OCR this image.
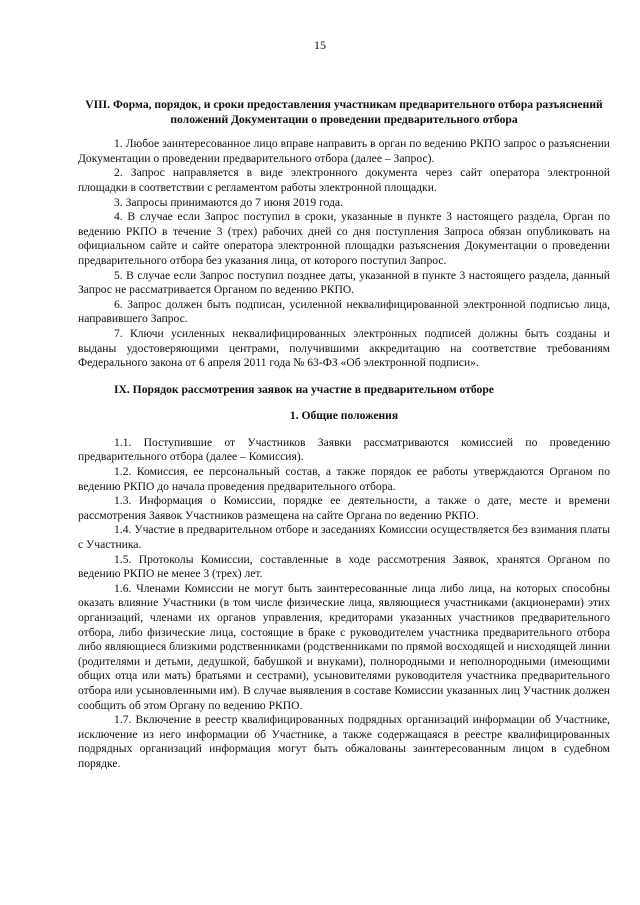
15
VIII. Форма, порядок, и сроки предоставления участникам предварительного отбора разъяснений положений Документации о проведении предварительного отбора

1. Любое заинтересованное лицо вправе направить в орган по ведению РКПО запрос о разъяснении Документации о проведении предварительного отбора (далее – Запрос).

2. Запрос направляется в виде электронного документа через сайт оператора электронной площадки в соответствии с регламентом работы электронной площадки.

3. Запросы принимаются до 7 июня 2019 года.

4. В случае если Запрос поступил в сроки, указанные в пункте 3 настоящего раздела, Орган по ведению РКПО в течение 3 (трех) рабочих дней со дня поступления Запроса обязан опубликовать на официальном сайте и сайте оператора электронной площадки разъяснения Документации о проведении предварительного отбора без указания лица, от которого поступил Запрос.

5. В случае если Запрос поступил позднее даты, указанной в пункте 3 настоящего раздела, данный Запрос не рассматривается Органом по ведению РКПО.

6. Запрос должен быть подписан, усиленной неквалифицированной электронной подписью лица, направившего Запрос.

7. Ключи усиленных неквалифицированных электронных подписей должны быть созданы и выданы удостоверяющими центрами, получившими аккредитацию на соответствие требованиям Федерального закона от 6 апреля 2011 года № 63-ФЗ «Об электронной подписи».

IX. Порядок рассмотрения заявок на участие в предварительном отборе
1. Общие положения

1.1. Поступившие от Участников Заявки рассматриваются комиссией по проведению предварительного отбора (далее – Комиссия).

1.2. Комиссия, ее персональный состав, а также порядок ее работы утверждаются Органом по ведению РКПО до начала проведения предварительного отбора.

1.3. Информация о Комиссии, порядке ее деятельности, а также о дате, месте и времени рассмотрения Заявок Участников размещена на сайте Органа по ведению РКПО.

1.4. Участие в предварительном отборе и заседаниях Комиссии осуществляется без взимания платы с Участника.

1.5. Протоколы Комиссии, составленные в ходе рассмотрения Заявок, хранятся Органом по ведению РКПО не менее 3 (трех) лет.

1.6. Членами Комиссии не могут быть заинтересованные лица либо лица, на которых способны оказать влияние Участники (в том числе физические лица, являющиеся участниками (акционерами) этих организаций, членами их органов управления, кредиторами указанных участников предварительного отбора, либо физические лица, состоящие в браке с руководителем участника предварительного отбора либо являющиеся близкими родственниками (родственниками по прямой восходящей и нисходящей линии (родителями и детьми, дедушкой, бабушкой и внуками), полнородными и неполнородными (имеющими общих отца или мать) братьями и сестрами), усыновителями руководителя участника предварительного отбора или усыновленными им). В случае выявления в составе Комиссии указанных лиц Участник должен сообщить об этом Органу по ведению РКПО.

1.7. Включение в реестр квалифицированных подрядных организаций информации об Участнике, исключение из него информации об Участнике, а также содержащаяся в реестре квалифицированных подрядных организаций информация могут быть обжалованы заинтересованным лицом в судебном порядке.
